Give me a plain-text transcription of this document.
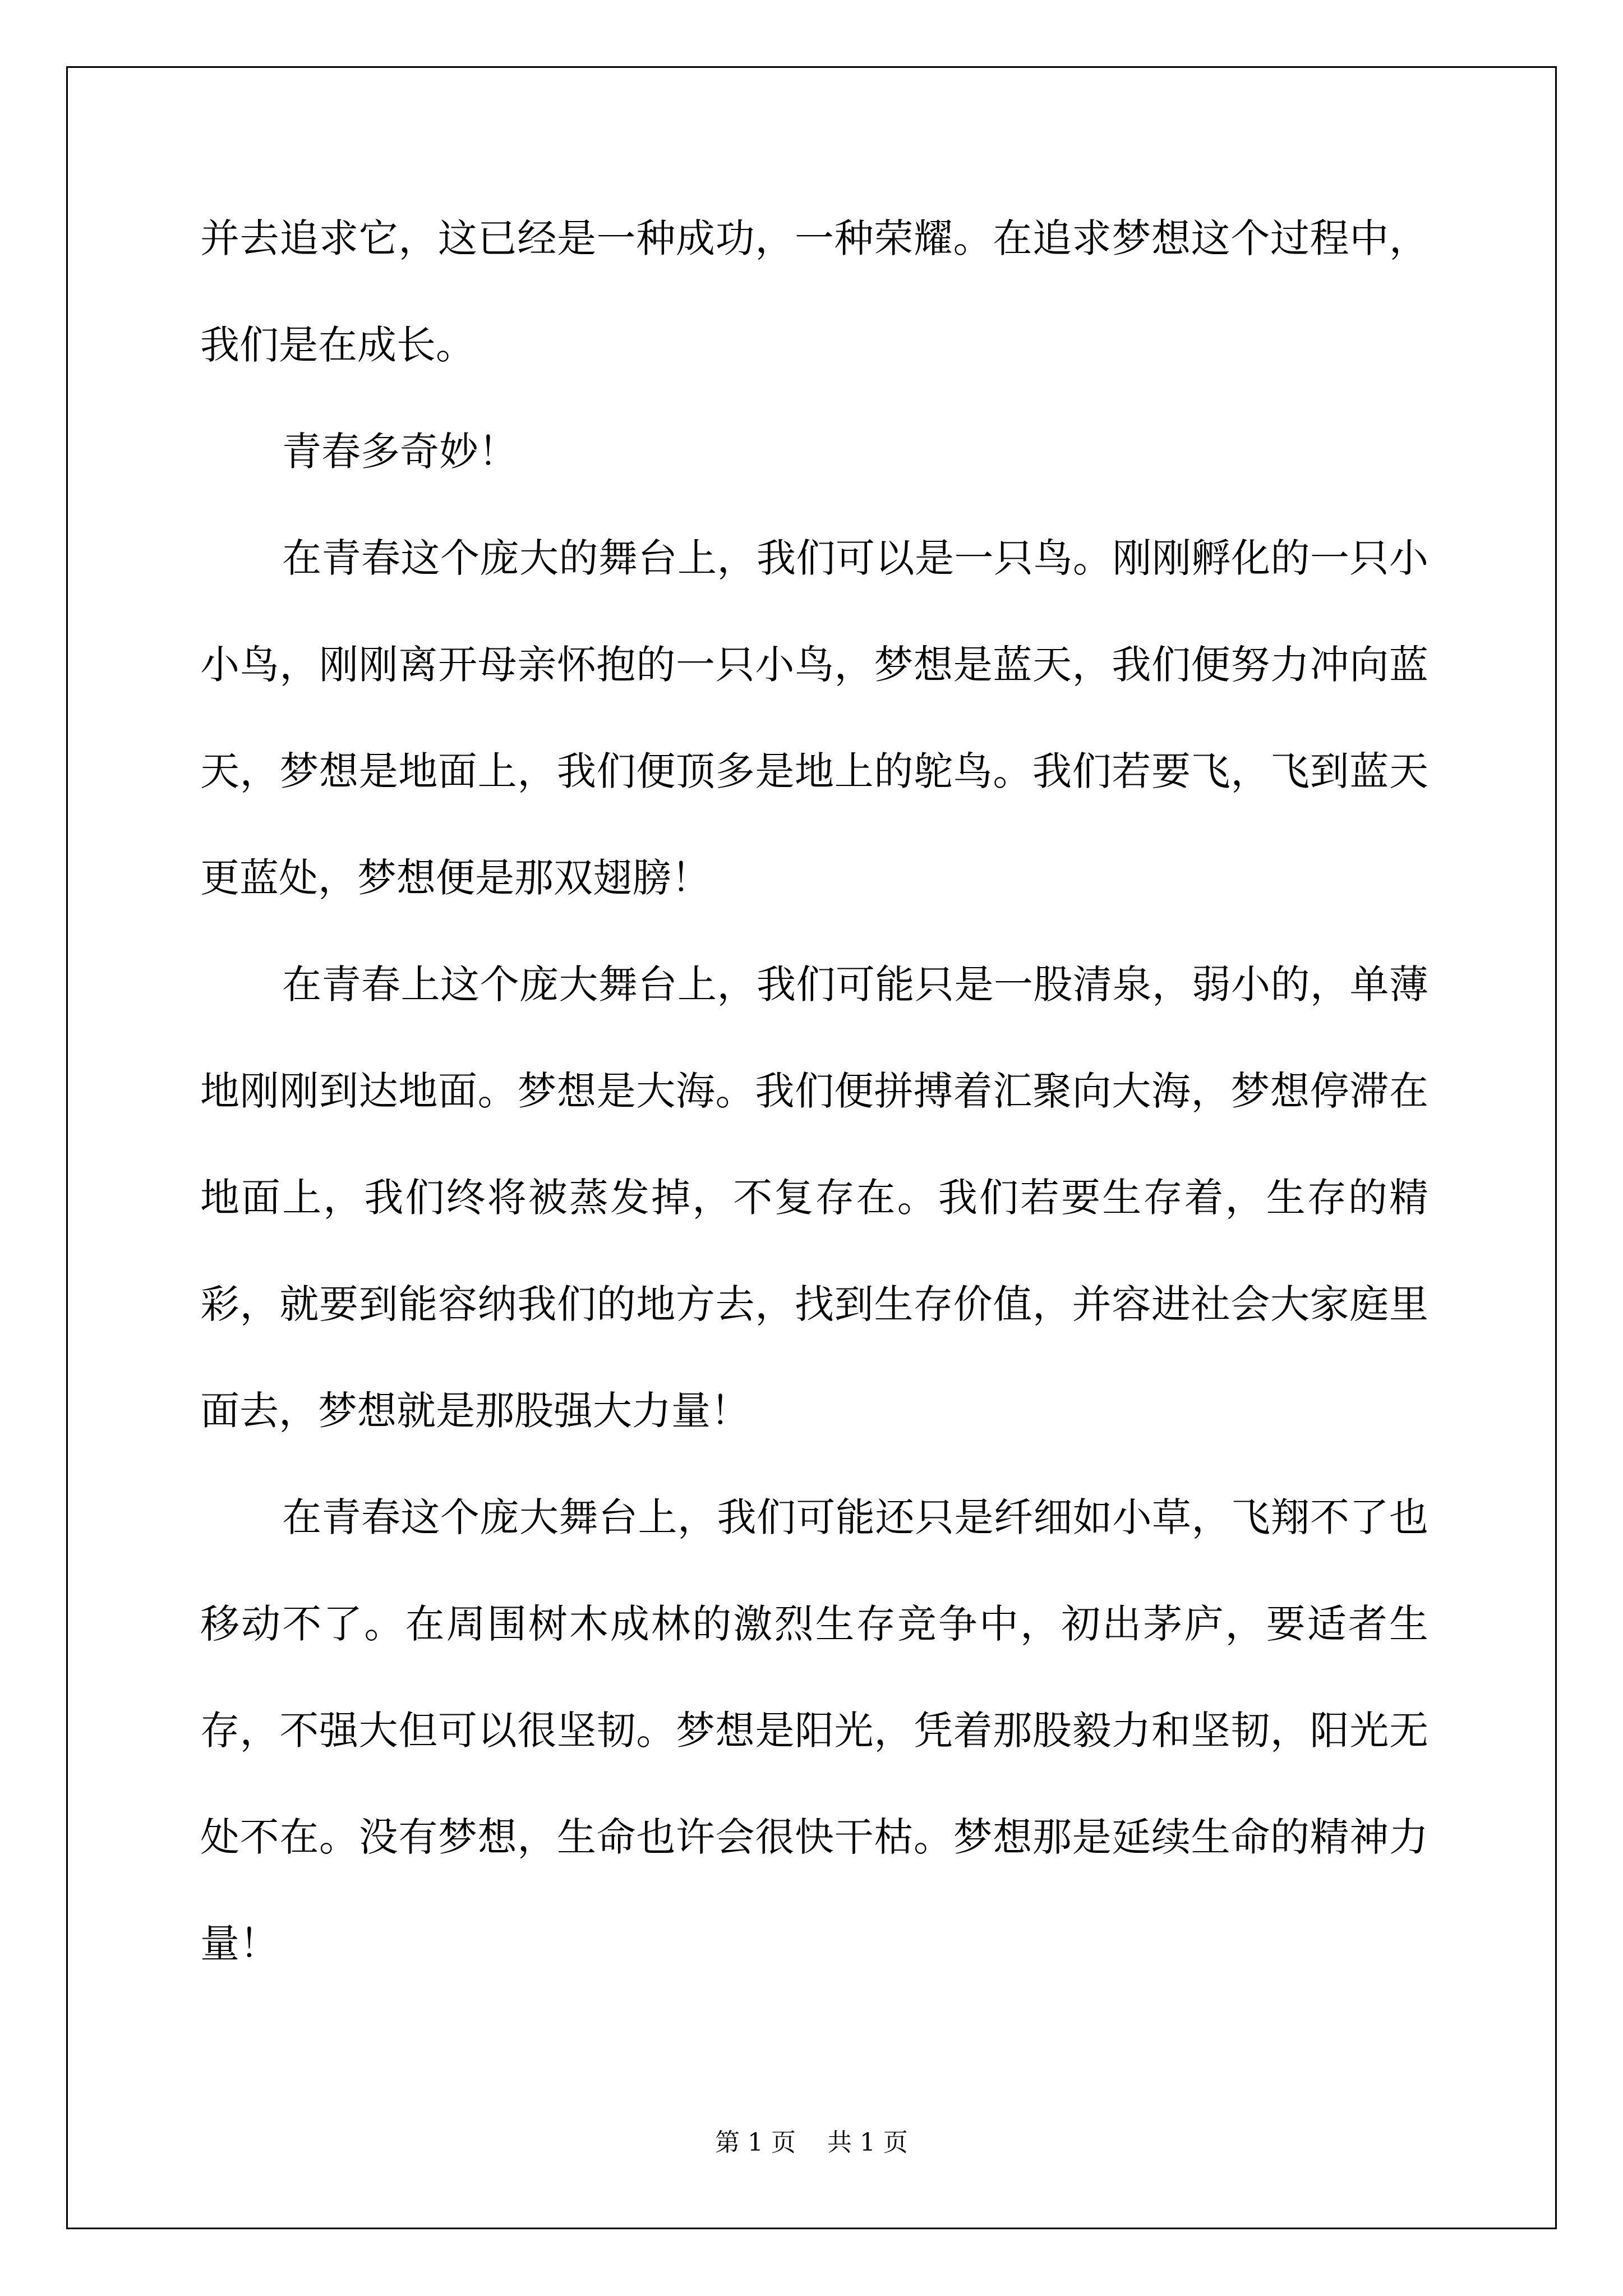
并去追求它，这已经是一种成功，一种荣耀。在追求梦想这个过程中，我们是在成长。

青春多奇妙！

在青春这个庞大的舞台上，我们可以是一只鸟。刚刚孵化的一只小小鸟，刚刚离开母亲怀抱的一只小鸟，梦想是蓝天，我们便努力冲向蓝天，梦想是地面上，我们便顶多是地上的鸵鸟。我们若要飞，飞到蓝天更蓝处，梦想便是那双翅膀！

在青春上这个庞大舞台上，我们可能只是一股清泉，弱小的，单薄地刚刚到达地面。梦想是大海。我们便拼搏着汇聚向大海，梦想停滞在地面上，我们终将被蒸发掉，不复存在。我们若要生存着，生存的精彩，就要到能容纳我们的地方去，找到生存价值，并容进社会大家庭里面去，梦想就是那股强大力量！

在青春这个庞大舞台上，我们可能还只是纤细如小草，飞翔不了也移动不了。在周围树木成林的激烈生存竞争中，初出茅庐，要适者生存，不强大但可以很坚韧。梦想是阳光，凭着那股毅力和坚韧，阳光无处不在。没有梦想，生命也许会很快干枯。梦想那是延续生命的精神力量！

第 1 页 共 1 页
